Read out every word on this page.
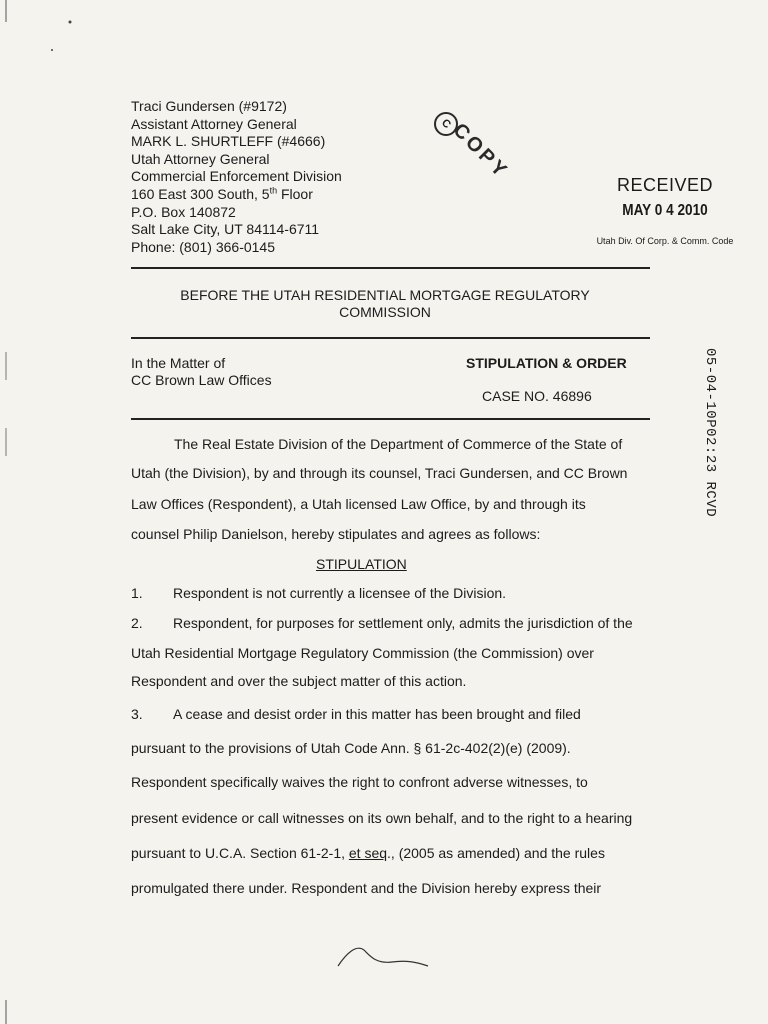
Traci Gundersen (#9172)
Assistant Attorney General
MARK L. SHURTLEFF (#4666)
Utah Attorney General
Commercial Enforcement Division
160 East 300 South, 5th Floor
P.O. Box 140872
Salt Lake City, UT 84114-6711
Phone: (801) 366-0145
C
COPY
RECEIVED
MAY 0 4 2010
Utah Div. Of Corp. & Comm. Code
BEFORE THE UTAH RESIDENTIAL MORTGAGE REGULATORY
COMMISSION
In the Matter of
CC Brown Law Offices
STIPULATION & ORDER
CASE NO. 46896	05-04-10P02:23 RCVD
The Real Estate Division of the Department of Commerce of the State of
Utah (the Division), by and through its counsel, Traci Gundersen, and CC Brown
Law Offices (Respondent), a Utah licensed Law Office, by and through its
counsel Philip Danielson, hereby stipulates and agrees as follows:
STIPULATION
1. Respondent is not currently a licensee of the Division.
2. Respondent, for purposes for settlement only, admits the jurisdiction of the
Utah Residential Mortgage Regulatory Commission (the Commission) over
Respondent and over the subject matter of this action.
3. A cease and desist order in this matter has been brought and filed
pursuant to the provisions of Utah Code Ann. § 61-2c-402(2)(e) (2009).
Respondent specifically waives the right to confront adverse witnesses, to
present evidence or call witnesses on its own behalf, and to the right to a hearing
pursuant to U.C.A. Section 61-2-1, et seq., (2005 as amended) and the rules
promulgated there under. Respondent and the Division hereby express their
